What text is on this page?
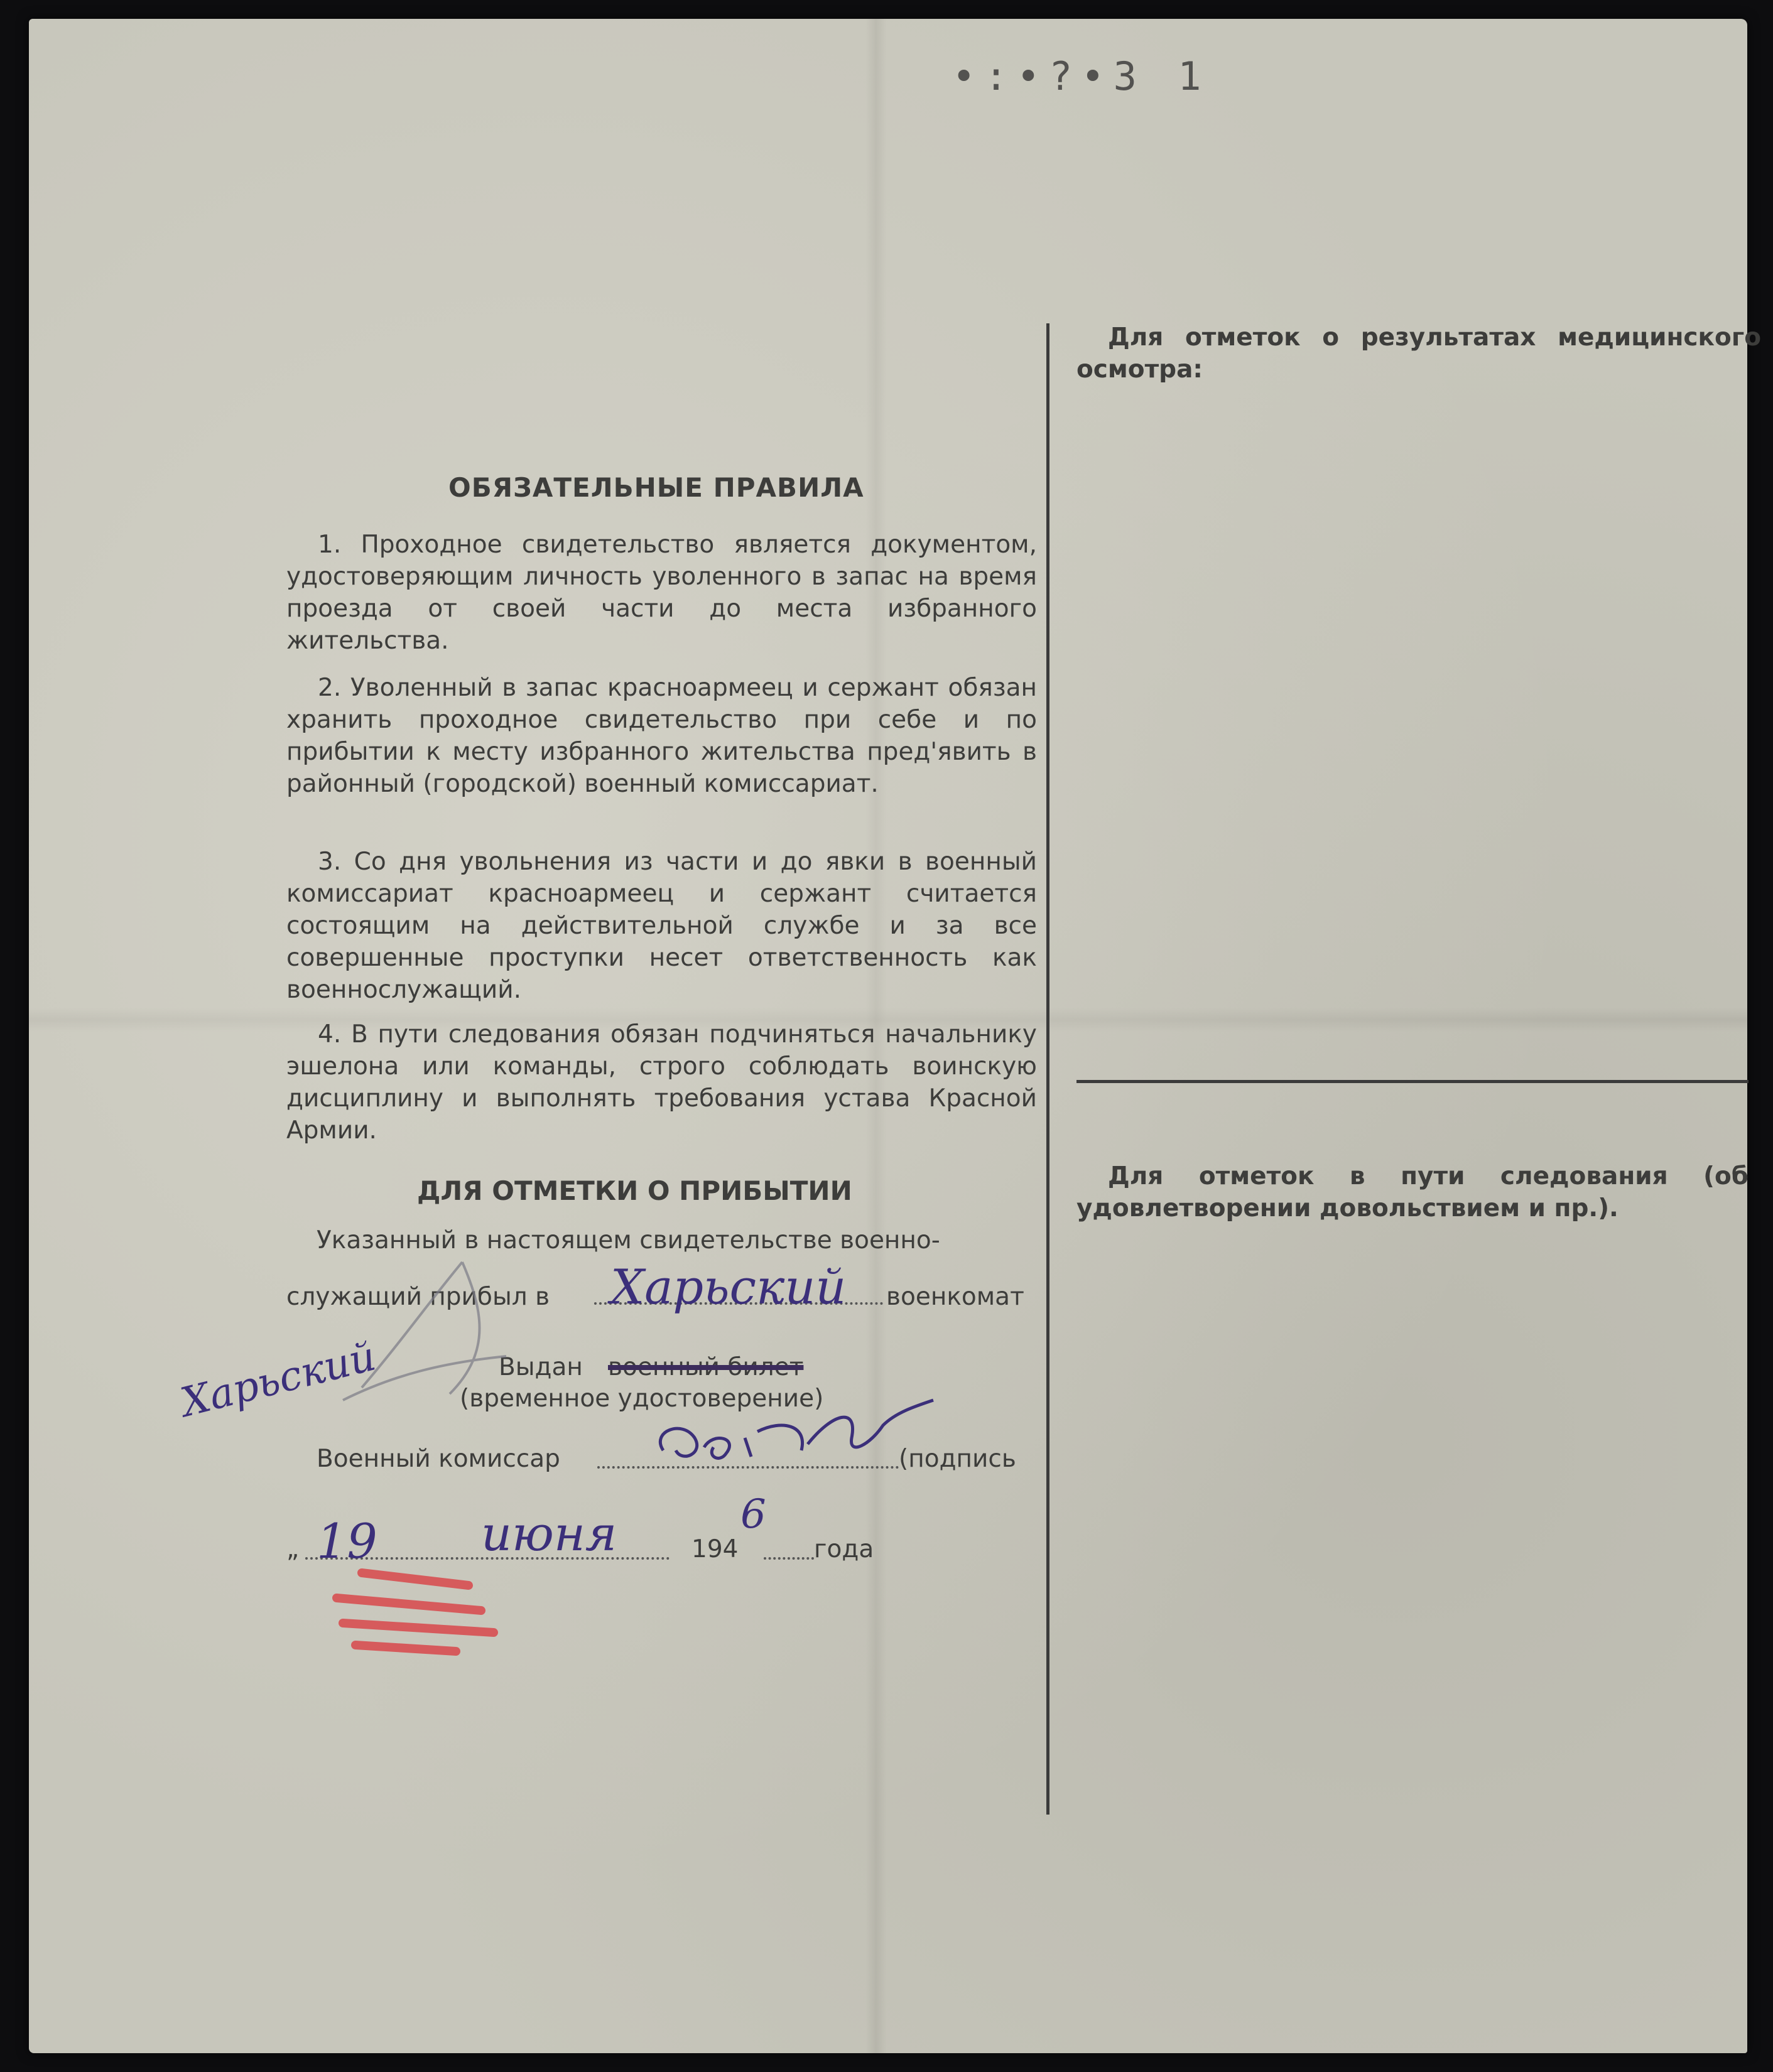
•:•?•3 1
ОБЯЗАТЕЛЬНЫЕ ПРАВИЛА

1. Проходное свидетельство является документом, удостоверяющим личность уволенного в запас на время проезда от своей части до места избранного жительства.

2. Уволенный в запас красноармеец и сержант обязан хранить проходное свидетельство при себе и по прибытии к месту избранного жительства пред'явить в районный (городской) военный комиссариат.

3. Со дня увольнения из части и до явки в военный комиссариат красноармеец и сержант считается состоящим на действительной службе и за все совершенные проступки несет ответственность как военнослужащий.

4. В пути следования обязан подчиняться начальнику эшелона или команды, строго соблюдать воинскую дисциплину и выполнять требования устава Красной Армии.

ДЛЯ ОТМЕТКИ О ПРИБЫТИИ
Указанный в настоящем свидетельстве военно-
служащий прибыл в	военкомат
Выдан военный билет
(временное удостоверение)
Военный комиссар	(подпись
„	194	года

Для отметок о результатах медицинского осмотра:

Для отметок в пути следования (об удовлетворении довольствием и пр.).

Харьский
Харьский
19 июня	6
